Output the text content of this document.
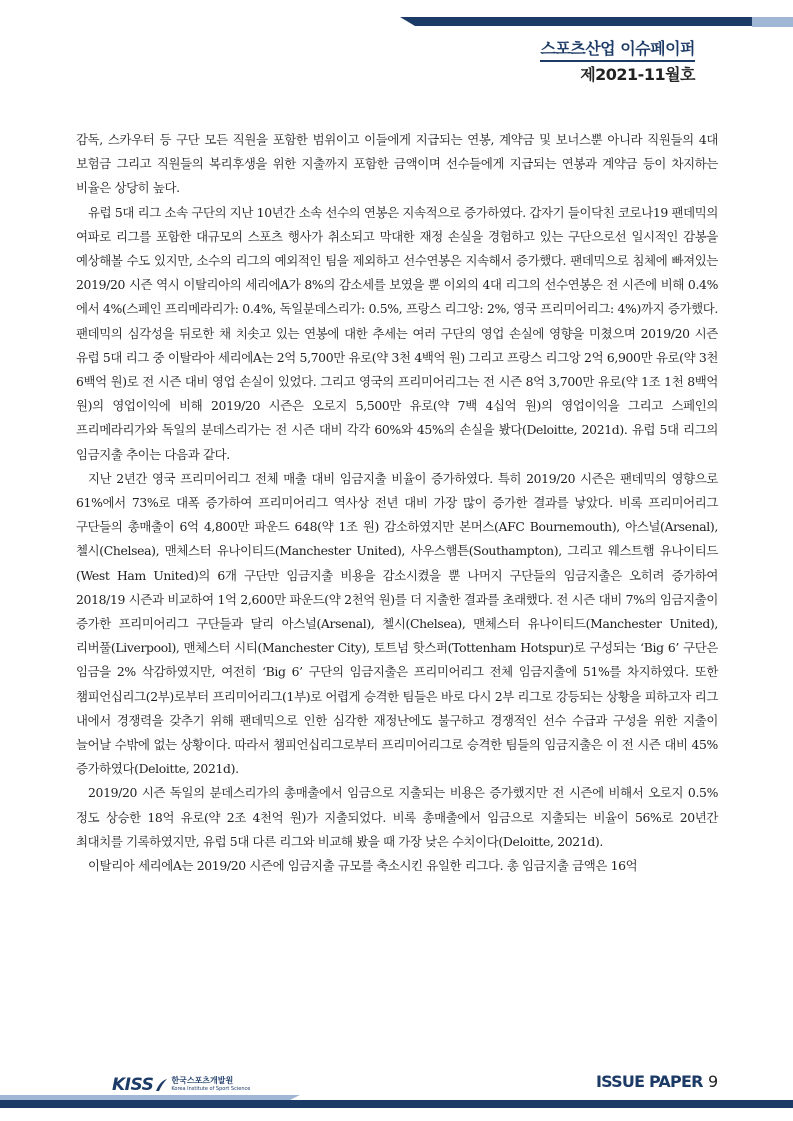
스포츠산업 이슈페이퍼
제2021-11월호

감독, 스카우터 등 구단 모든 직원을 포함한 범위이고 이들에게 지급되는 연봉, 계약금 및 보너스뿐 아니라 직원들의 4대 보험금 그리고 직원들의 복리후생을 위한 지출까지 포함한 금액이며 선수들에게 지급되는 연봉과 계약금 등이 차지하는 비율은 상당히 높다.

유럽 5대 리그 소속 구단의 지난 10년간 소속 선수의 연봉은 지속적으로 증가하였다. 갑자기 들이닥친 코로나19 팬데믹의 여파로 리그를 포함한 대규모의 스포츠 행사가 취소되고 막대한 재정 손실을 경험하고 있는 구단으로선 일시적인 감봉을 예상해볼 수도 있지만, 소수의 리그의 예외적인 팀을 제외하고 선수연봉은 지속해서 증가했다. 팬데믹으로 침체에 빠져있는 2019/20 시즌 역시 이탈리아의 세리에A가 8%의 감소세를 보였을 뿐 이외의 4대 리그의 선수연봉은 전 시즌에 비해 0.4%에서 4%(스페인 프리메라리가: 0.4%, 독일분데스리가: 0.5%, 프랑스 리그앙: 2%, 영국 프리미어리그: 4%)까지 증가했다. 팬데믹의 심각성을 뒤로한 채 치솟고 있는 연봉에 대한 추세는 여러 구단의 영업 손실에 영향을 미쳤으며 2019/20 시즌 유럽 5대 리그 중 이탈라아 세리에A는 2억 5,700만 유로(약 3천 4백억 원) 그리고 프랑스 리그앙 2억 6,900만 유로(약 3천 6백억 원)로 전 시즌 대비 영업 손실이 있었다. 그리고 영국의 프리미어리그는 전 시즌 8억 3,700만 유로(약 1조 1천 8백억 원)의 영업이익에 비해 2019/20 시즌은 오로지 5,500만 유로(약 7백 4십억 원)의 영업이익을 그리고 스페인의 프리메라리가와 독일의 분데스리가는 전 시즌 대비 각각 60%와 45%의 손실을 봤다(Deloitte, 2021d). 유럽 5대 리그의 임금지출 추이는 다음과 같다.

지난 2년간 영국 프리미어리그 전체 매출 대비 임금지출 비율이 증가하였다. 특히 2019/20 시즌은 팬데믹의 영향으로 61%에서 73%로 대폭 증가하여 프리미어리그 역사상 전년 대비 가장 많이 증가한 결과를 낳았다. 비록 프리미어리그 구단들의 총매출이 6억 4,800만 파운드 648(약 1조 원) 감소하였지만 본머스(AFC Bournemouth), 아스널(Arsenal), 첼시(Chelsea), 맨체스터 유나이티드(Manchester United), 사우스햄튼(Southampton), 그리고 웨스트햄 유나이티드(West Ham United)의 6개 구단만 임금지출 비용을 감소시켰을 뿐 나머지 구단들의 임금지출은 오히려 증가하여 2018/19 시즌과 비교하여 1억 2,600만 파운드(약 2천억 원)를 더 지출한 결과를 초래했다. 전 시즌 대비 7%의 임금지출이 증가한 프리미어리그 구단들과 달리 아스널(Arsenal), 첼시(Chelsea), 맨체스터 유나이티드(Manchester United), 리버풀(Liverpool), 맨체스터 시티(Manchester City), 토트넘 핫스퍼(Tottenham Hotspur)로 구성되는 ‘Big 6’ 구단은 임금을 2% 삭감하였지만, 여전히 ‘Big 6’ 구단의 임금지출은 프리미어리그 전체 임금지출에 51%를 차지하였다. 또한 챔피언십리그(2부)로부터 프리미어리그(1부)로 어렵게 승격한 팀들은 바로 다시 2부 리그로 강등되는 상황을 피하고자 리그 내에서 경쟁력을 갖추기 위해 팬데믹으로 인한 심각한 재정난에도 불구하고 경쟁적인 선수 수급과 구성을 위한 지출이 늘어날 수밖에 없는 상황이다. 따라서 챔피언십리그로부터 프리미어리그로 승격한 팀들의 임금지출은 이 전 시즌 대비 45% 증가하였다(Deloitte, 2021d).

2019/20 시즌 독일의 분데스리가의 총매출에서 임금으로 지출되는 비용은 증가했지만 전 시즌에 비해서 오로지 0.5% 정도 상승한 18억 유로(약 2조 4천억 원)가 지출되었다. 비록 총매출에서 임금으로 지출되는 비율이 56%로 20년간 최대치를 기록하였지만, 유럽 5대 다른 리그와 비교해 봤을 때 가장 낮은 수치이다(Deloitte, 2021d).

이탈리아 세리에A는 2019/20 시즌에 임금지출 규모를 축소시킨 유일한 리그다. 총 임금지출 금액은 16억

KISS 한국스포츠개발원
Korea Institute of Sport Science	ISSUE PAPER 9
